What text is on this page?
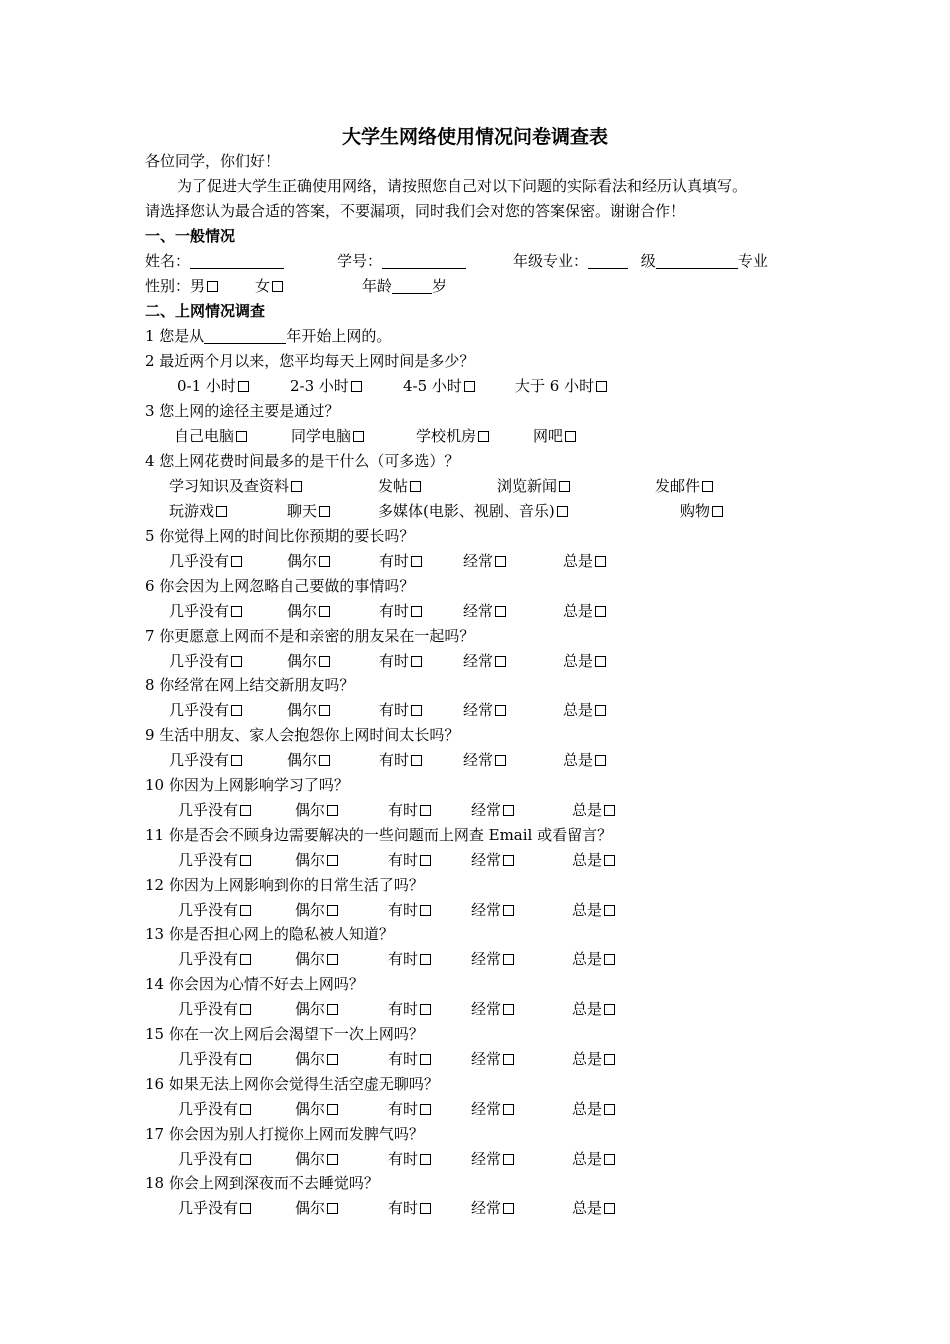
大学生网络使用情况问卷调查表
各位同学，你们好！
为了促进大学生正确使用网络，请按照您自己对以下问题的实际看法和经历认真填写。
请选择您认为最合适的答案，不要漏项，同时我们会对您的答案保密。谢谢合作！
一、一般情况
姓名：	学号：	年级专业：	级	专业
性别：男	女	年龄	岁
二、上网情况调查
1 您是从	年开始上网的。
2 最近两个月以来，您平均每天上网时间是多少？
0-1 小时	2-3 小时	4-5 小时	大于 6 小时
3 您上网的途径主要是通过？
自己电脑	同学电脑	学校机房	网吧
4 您上网花费时间最多的是干什么（可多选）？
学习知识及查资料	发帖	浏览新闻	发邮件
玩游戏	聊天	多媒体(电影、视剧、音乐)	购物
5 你觉得上网的时间比你预期的要长吗？
几乎没有	偶尔	有时	经常	总是
6 你会因为上网忽略自己要做的事情吗？
几乎没有	偶尔	有时	经常	总是
7 你更愿意上网而不是和亲密的朋友呆在一起吗？
几乎没有	偶尔	有时	经常	总是
8 你经常在网上结交新朋友吗？
几乎没有	偶尔	有时	经常	总是
9 生活中朋友、家人会抱怨你上网时间太长吗？
几乎没有	偶尔	有时	经常	总是
10 你因为上网影响学习了吗？
几乎没有	偶尔	有时	经常	总是
11 你是否会不顾身边需要解决的一些问题而上网查 Email 或看留言？
几乎没有	偶尔	有时	经常	总是
12 你因为上网影响到你的日常生活了吗？
几乎没有	偶尔	有时	经常	总是
13 你是否担心网上的隐私被人知道？
几乎没有	偶尔	有时	经常	总是
14 你会因为心情不好去上网吗？
几乎没有	偶尔	有时	经常	总是
15 你在一次上网后会渴望下一次上网吗？
几乎没有	偶尔	有时	经常	总是
16 如果无法上网你会觉得生活空虚无聊吗？
几乎没有	偶尔	有时	经常	总是
17 你会因为别人打搅你上网而发脾气吗？
几乎没有	偶尔	有时	经常	总是
18 你会上网到深夜而不去睡觉吗？
几乎没有	偶尔	有时	经常	总是
